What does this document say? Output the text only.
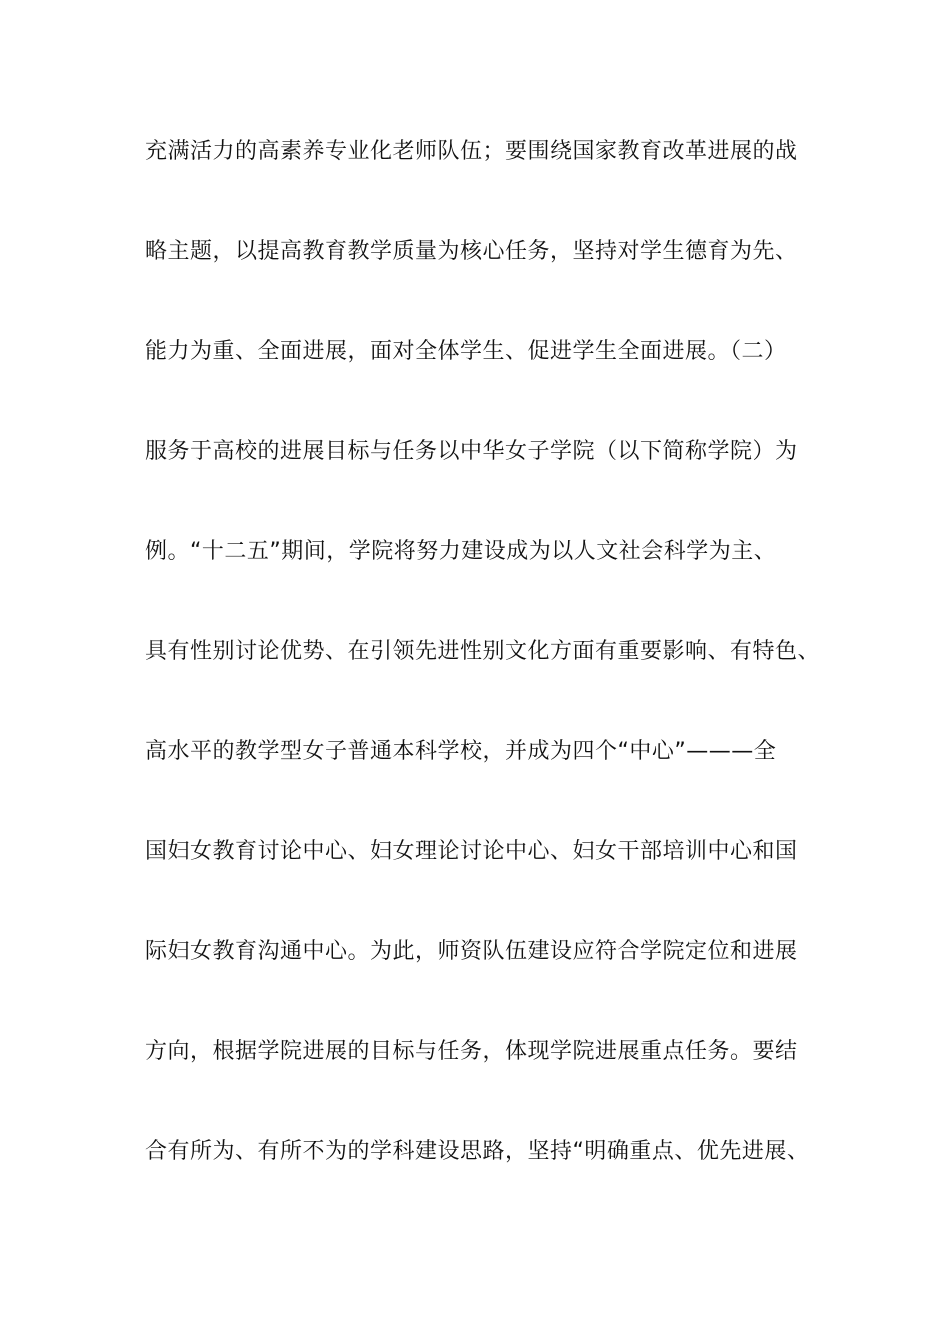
充满活力的高素养专业化老师队伍；要围绕国家教育改革进展的战
略主题，以提高教育教学质量为核心任务，坚持对学生德育为先、
能力为重、全面进展，面对全体学生、促进学生全面进展。（二）
服务于高校的进展目标与任务以中华女子学院（以下简称学院）为
例。“十二五”期间，学院将努力建设成为以人文社会科学为主、
具有性别讨论优势、在引领先进性别文化方面有重要影响、有特色、
高水平的教学型女子普通本科学校，并成为四个“中心”———全
国妇女教育讨论中心、妇女理论讨论中心、妇女干部培训中心和国
际妇女教育沟通中心。为此，师资队伍建设应符合学院定位和进展
方向，根据学院进展的目标与任务，体现学院进展重点任务。要结
合有所为、有所不为的学科建设思路，坚持“明确重点、优先进展、
